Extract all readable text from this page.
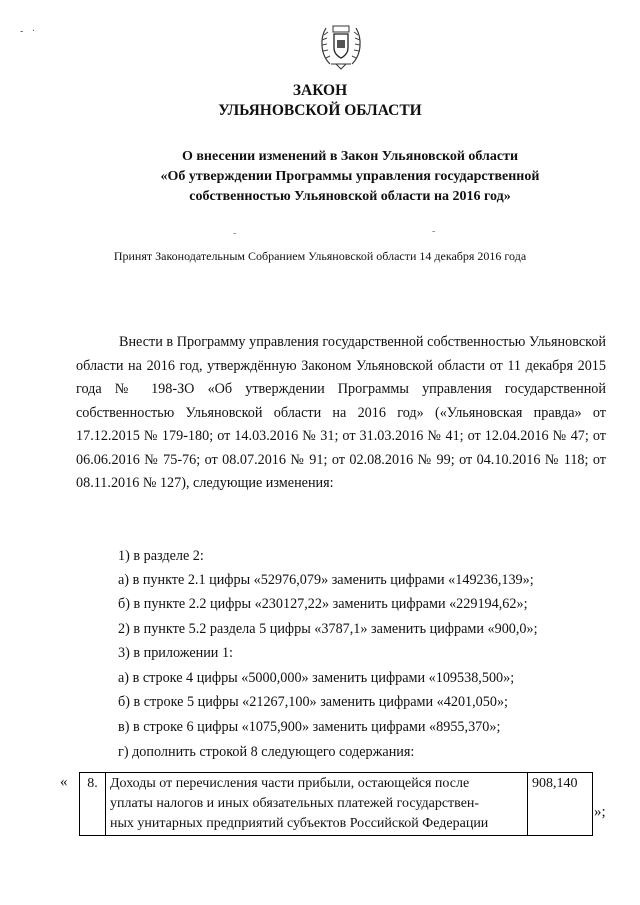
- ·
ЗАКОН
УЛЬЯНОВСКОЙ ОБЛАСТИ
О внесении изменений в Закон Ульяновской области
«Об утверждении Программы управления государственной
собственностью Ульяновской области на 2016 год»
-	-
Принят Законодательным Собранием Ульяновской области 14 декабря 2016 года
Внести в Программу управления государственной собственностью Ульяновской области на 2016 год, утверждённую Законом Ульяновской области от 11 декабря 2015 года № 198-ЗО «Об утверждении Программы управления государственной собственностью Ульяновской области на 2016 год» («Ульяновская правда» от 17.12.2015 № 179-180; от 14.03.2016 № 31; от 31.03.2016 № 41; от 12.04.2016 № 47; от 06.06.2016 № 75-76; от 08.07.2016 № 91; от 02.08.2016 № 99; от 04.10.2016 № 118; от 08.11.2016 № 127), следующие изменения:
1) в разделе 2:
а) в пункте 2.1 цифры «52976,079» заменить цифрами «149236,139»;
б) в пункте 2.2 цифры «230127,22» заменить цифрами «229194,62»;
2) в пункте 5.2 раздела 5 цифры «3787,1» заменить цифрами «900,0»;
3) в приложении 1:
а) в строке 4 цифры «5000,000» заменить цифрами «109538,500»;
б) в строке 5 цифры «21267,100» заменить цифрами «4201,050»;
в) в строке 6 цифры «1075,900» заменить цифрами «8955,370»;
г) дополнить строкой 8 следующего содержания:
« 8.	Доходы от перечисления части прибыли, остающейся после
уплаты налогов и иных обязательных платежей государствен-
ных унитарных предприятий субъектов Российской Федерации
	908,140
»;
